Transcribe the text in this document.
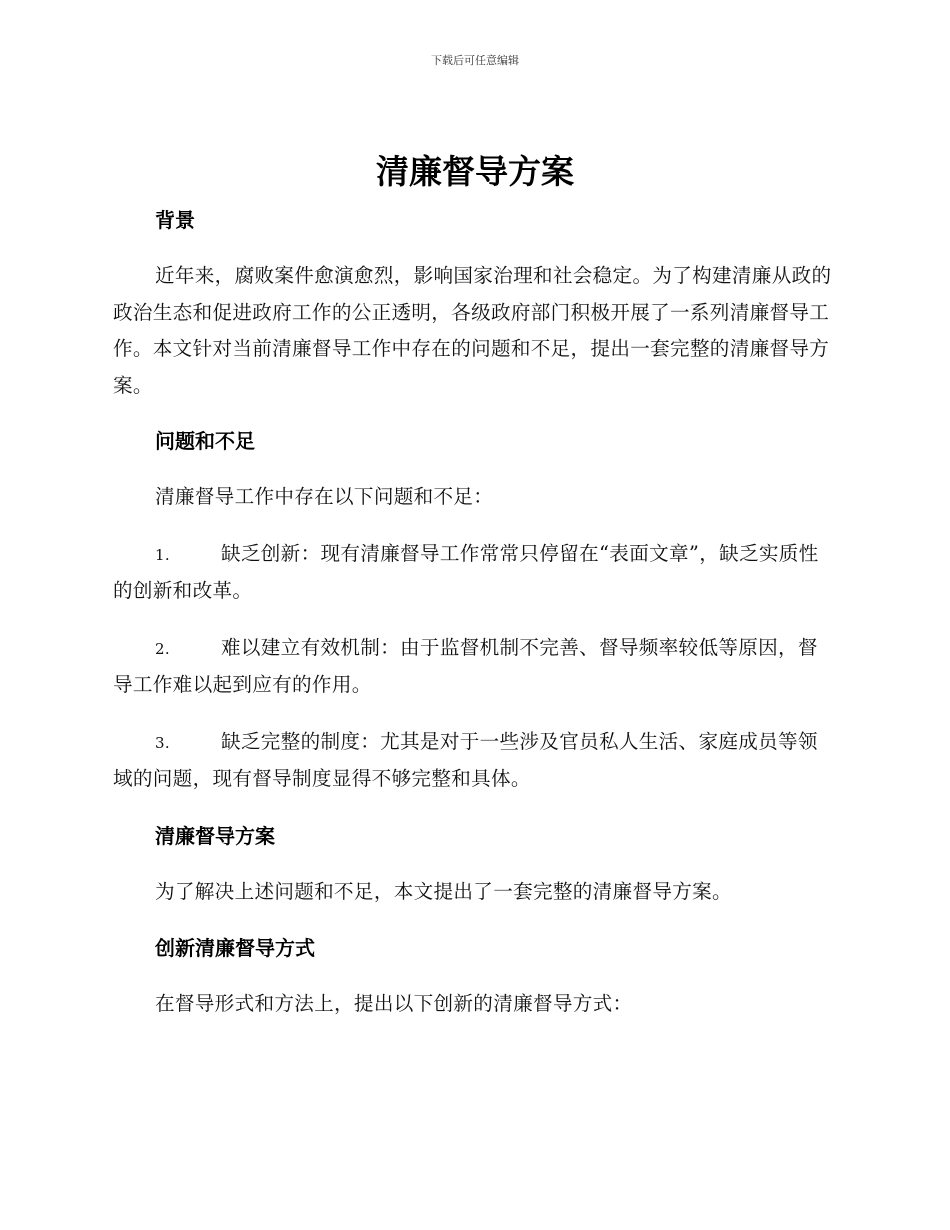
下载后可任意编辑
清廉督导方案
背景

近年来，腐败案件愈演愈烈，影响国家治理和社会稳定。为了构建清廉从政的政治生态和促进政府工作的公正透明，各级政府部门积极开展了一系列清廉督导工作。本文针对当前清廉督导工作中存在的问题和不足，提出一套完整的清廉督导方案。

问题和不足

清廉督导工作中存在以下问题和不足：

1.	缺乏创新：现有清廉督导工作常常只停留在“表面文章”，缺乏实质性的创新和改革。

2.	难以建立有效机制：由于监督机制不完善、督导频率较低等原因，督导工作难以起到应有的作用。

3.	缺乏完整的制度：尤其是对于一些涉及官员私人生活、家庭成员等领域的问题，现有督导制度显得不够完整和具体。

清廉督导方案

为了解决上述问题和不足，本文提出了一套完整的清廉督导方案。

创新清廉督导方式

在督导形式和方法上，提出以下创新的清廉督导方式：
